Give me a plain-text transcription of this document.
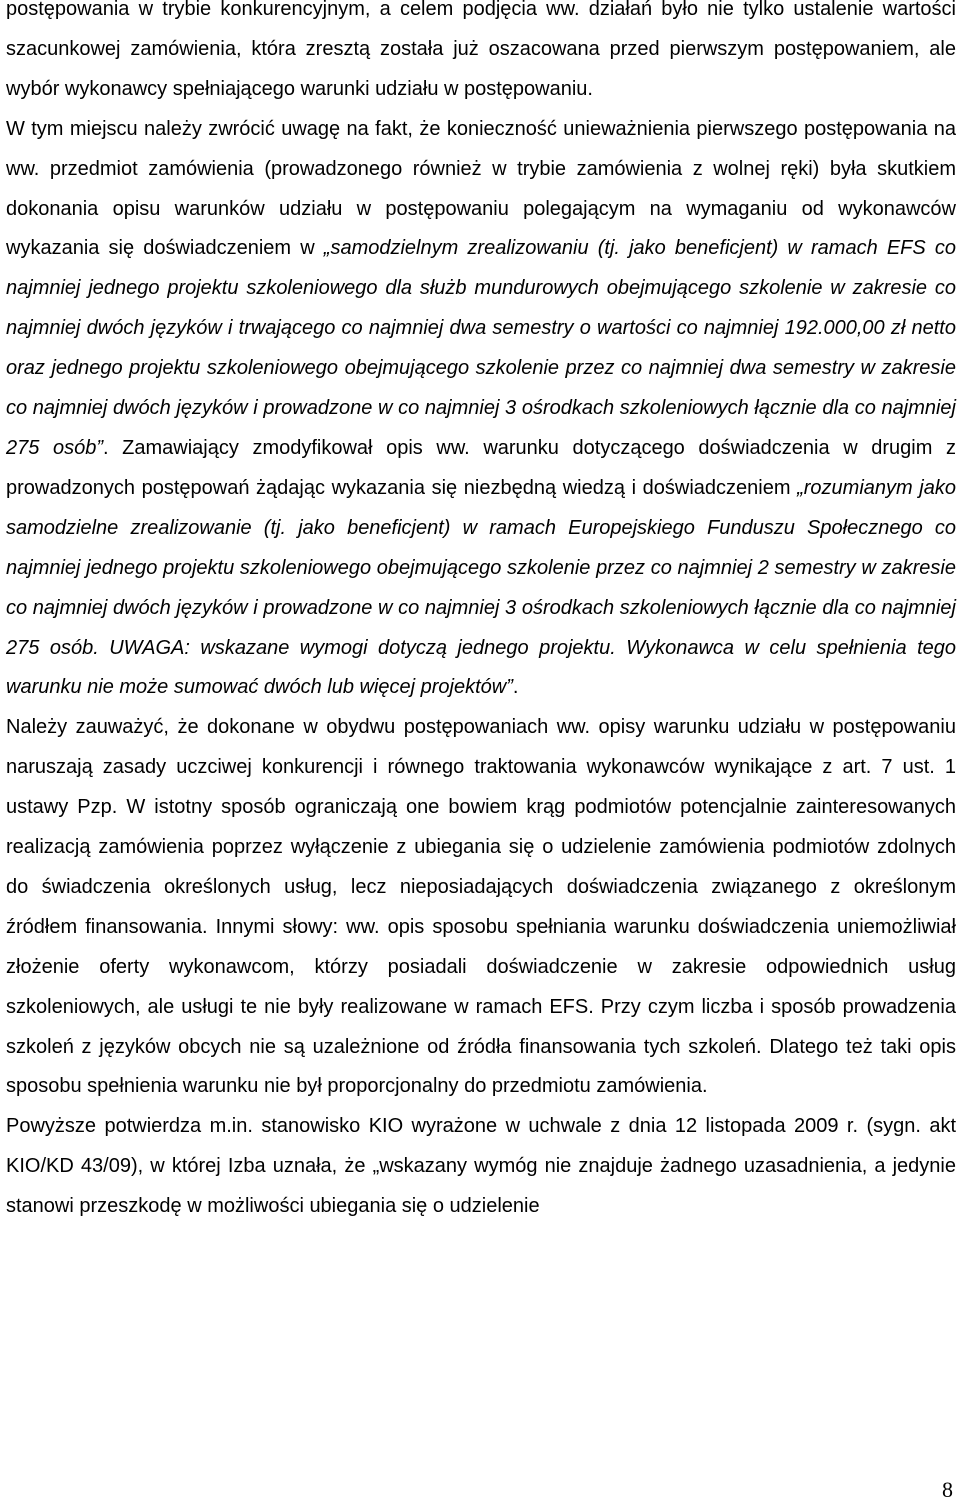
postępowania w trybie konkurencyjnym, a celem podjęcia ww. działań było nie tylko ustalenie wartości szacunkowej zamówienia, która zresztą została już oszacowana przed pierwszym postępowaniem, ale wybór wykonawcy spełniającego warunki udziału w postępowaniu.

W tym miejscu należy zwrócić uwagę na fakt, że konieczność unieważnienia pierwszego postępowania na ww. przedmiot zamówienia (prowadzonego również w trybie zamówienia z wolnej ręki) była skutkiem dokonania opisu warunków udziału w postępowaniu polegającym na wymaganiu od wykonawców wykazania się doświadczeniem w „samodzielnym zrealizowaniu (tj. jako beneficjent) w ramach EFS co najmniej jednego projektu szkoleniowego dla służb mundurowych obejmującego szkolenie w zakresie co najmniej dwóch języków i trwającego co najmniej dwa semestry o wartości co najmniej 192.000,00 zł netto oraz jednego projektu szkoleniowego obejmującego szkolenie przez co najmniej dwa semestry w zakresie co najmniej dwóch języków i prowadzone w co najmniej 3 ośrodkach szkoleniowych łącznie dla co najmniej 275 osób”. Zamawiający zmodyfikował opis ww. warunku dotyczącego doświadczenia w drugim z prowadzonych postępowań żądając wykazania się niezbędną wiedzą i doświadczeniem „rozumianym jako samodzielne zrealizowanie (tj. jako beneficjent) w ramach Europejskiego Funduszu Społecznego co najmniej jednego projektu szkoleniowego obejmującego szkolenie przez co najmniej 2 semestry w zakresie co najmniej dwóch języków i prowadzone w co najmniej 3 ośrodkach szkoleniowych łącznie dla co najmniej 275 osób. UWAGA: wskazane wymogi dotyczą jednego projektu. Wykonawca w celu spełnienia tego warunku nie może sumować dwóch lub więcej projektów”.

Należy zauważyć, że dokonane w obydwu postępowaniach ww. opisy warunku udziału w postępowaniu naruszają zasady uczciwej konkurencji i równego traktowania wykonawców wynikające z art. 7 ust. 1 ustawy Pzp. W istotny sposób ograniczają one bowiem krąg podmiotów potencjalnie zainteresowanych realizacją zamówienia poprzez wyłączenie z ubiegania się o udzielenie zamówienia podmiotów zdolnych do świadczenia określonych usług, lecz nieposiadających doświadczenia związanego z określonym źródłem finansowania. Innymi słowy: ww. opis sposobu spełniania warunku doświadczenia uniemożliwiał złożenie oferty wykonawcom, którzy posiadali doświadczenie w zakresie odpowiednich usług szkoleniowych, ale usługi te nie były realizowane w ramach EFS. Przy czym liczba i sposób prowadzenia szkoleń z języków obcych nie są uzależnione od źródła finansowania tych szkoleń. Dlatego też taki opis sposobu spełnienia warunku nie był proporcjonalny do przedmiotu zamówienia.

Powyższe potwierdza m.in. stanowisko KIO wyrażone w uchwale z dnia 12 listopada 2009 r. (sygn. akt KIO/KD 43/09), w której Izba uznała, że „wskazany wymóg nie znajduje żadnego uzasadnienia, a jedynie stanowi przeszkodę w możliwości ubiegania się o udzielenie

8
